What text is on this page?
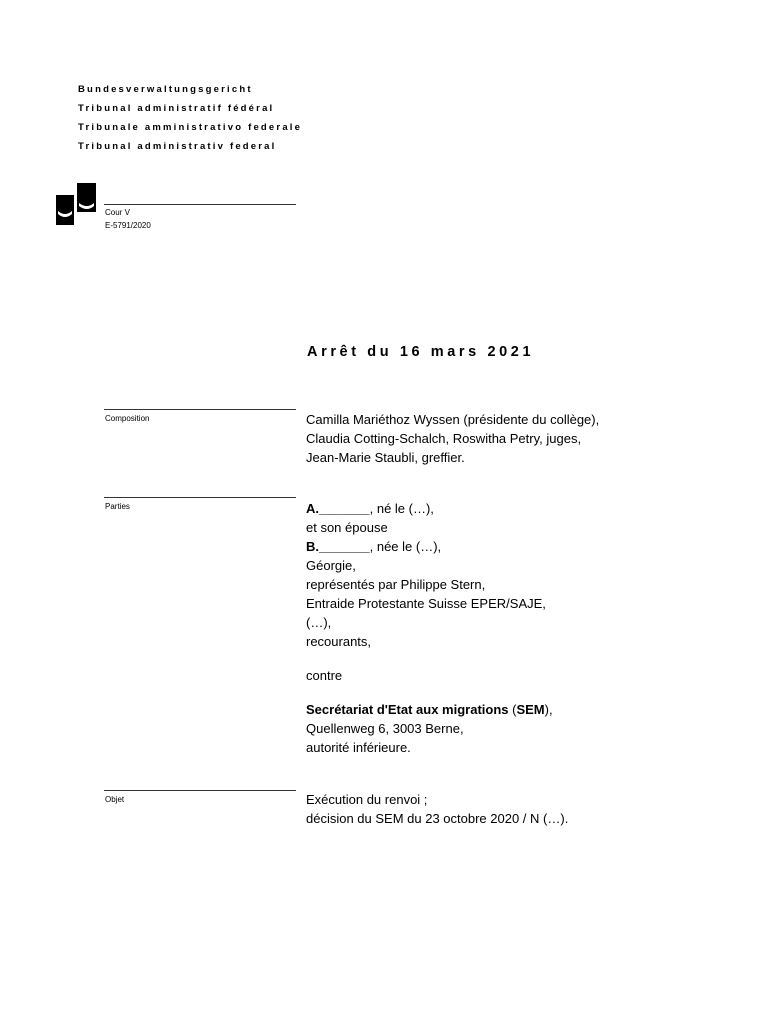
Bundesverwaltungsgericht
Tribunal administratif fédéral
Tribunale amministrativo federale
Tribunal administrativ federal
Cour V
E-5791/2020
Arrêt du 16 mars 2021
Composition	Camilla Mariéthoz Wyssen (présidente du collège),
Claudia Cotting-Schalch, Roswitha Petry, juges,
Jean-Marie Staubli, greffier.
Parties	A._______, né le (…),
et son épouse
B._______, née le (…),
Géorgie,
représentés par Philippe Stern,
Entraide Protestante Suisse EPER/SAJE,
(…),
recourants,
contre
Secrétariat d'Etat aux migrations (SEM),
Quellenweg 6, 3003 Berne,
autorité inférieure.
Objet	Exécution du renvoi ;
décision du SEM du 23 octobre 2020 / N (…).
